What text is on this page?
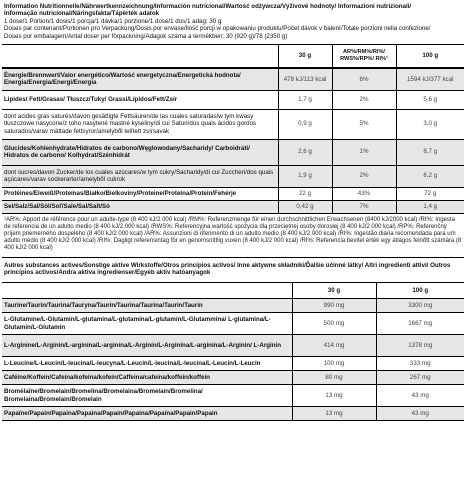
Information Nutritionnelle/Nährwertkennzeichnung/Información nutricional/Wartość odżywcza/Výživové hodnoty/ Informazioni nutrizionali/
Informação nutricional/Näringsfakta/Tápérték adatok
1 dose/1 Portion/1 dosis/1 porcja/1 dávka/1 porzione/1 dose/1 dos/1 adag: 30 g
Doses par contenant/Portionen pro Verpackung/Dosis por envase/Ilość porcji w opakowaniu produktu/Počet dávok v balení/Totale porzioni nella confezione/
Doses por embalagem/Antal doser per förpackning/Adagok száma a termékben: 30 (920 g)/78 (2350 g)
	30 g	AR%/RM%/RI%/ RWS%/RP%/ RI%¹	100 g
Énergie/Brennwert/Valor energético/Wartość energetyczna/Energetická hodnota/ Energia/Energia/Energi/Energia	478 kJ/113 kcal	6%	1594 kJ/377 kcal
Lipides/ Fett/Grasas/ Tłuszcz/Tuky/ Grassi/Lípidos/Fett/Zsír	1,7 g	2%	5,6 g
dont acides gras saturés/davon gesättigte Fettsäuren/de las cuales saturadas/w tym kwasy tłuszczowe nasycone/z toho nasýtené mastné kyseliny/di cui Saturi/dos quais ácidos gordos saturados/varav mättade fettsyror/amelyből telített zsírsavak	0,9 g	5%	3,0 g
Glucides/Kohlenhydrate/Hidratos de carbono/Węglowodany/Sacharidy/ Carboidrati/ Hidratos de carbono/ Kolhydrat/Szénhidrát	2,6 g	1%	8,7 g
dont sucres/davon Zucker/de los cuales azúcares/w tym cukry/Sacharidy/di cui Zuccheri/dos quais açúcares/varav sockerarter/amelyből cukrok	1,9 g	2%	6,2 g
Protéines/Eiweiß/Proteínas/Białko/Bielkoviny/Proteine/Proteína/Protein/Fehérje	22 g	43%	72 g
Sel/Salz/Sal/Sól/Soľ/Sale/Sal/Salt/Só	0,42 g	7%	1,4 g
¹AR%: Apport de référence pour un adulte-type (8 400 kJ/2 000 kcal) /RM%: Referenzmenge für einen durchschnittlichen Erwachsenen (8400 kJ/2000 kcal) /RI%: Ingesta de referencia de un adulto medio (8 400 kJ/2 000 kcal) /RWS%: Referencyjna wartość spożycia dla przeciętnej osoby dorosłej (8 400 kJ/2 000 kcal) /RP%: Referenčný príjem priemerného dospelého (8 400 kJ/2 000 kcal) /AR%: Assunzioni di riferimento di un adulto medio (8 400 kJ/2 000 kcal) /RI%: Ingestão diária recomendada para um adulto médio (8 400 kJ/2 000 kcal) /RI%: Dagligt referensintag för en genomsnittlig vuxen (8 400 kJ/2 000 kcal) /RI%: Referencia bevitel érték egy átlagos felnőtt számára (8 400 kJ/2 000 kcal)
Autres substances actives/Sonstige aktive Wirkstoffe/Otros principios activos/ Inne aktywne składniki/Ďalšie účinné látky/ Altri ingredienti attivi/ Outros princípios activos/Andra aktiva ingredienser/Egyéb aktív hatóanyagok
	30 g	100 g
Taurine/Taurin/Taurina/Tauryna/Taurín/Taurina/Taurina/Taurin/Taurin	990 mg	3300 mg
L-Glutamine/L-Glutamin/L-glutamina/L-glutamina/L-glutamín/L-Glutammina/ L-glutamina/L-Glutamin/L-Glutamin	500 mg	1667 mg
L-Arginine/L-Arginin/L-arginina/L-arginina/L-Arginín/L-Arginina/L-arginina/L-Arginin/ L-Arginin	414 mg	1378 mg
L-Leucine/L-Leucin/L-leucina/L-leucyna/L-Leucín/L-leucina/L-leucina/L-Leucin/L-Leucin	100 mg	333 mg
Caféine/Koffein/Cafeína/kofeina/kofeín/Caffeina/cafeína/koffein/koffein	80 mg	267 mg
Bromélaïne/Bromelain/Bromelina/Bromelaina/Bromelaín/Bromelina/ Bromelaína/Bromelain/Bromelain	13 mg	43 mg
Papaïne/Papain/Papaína/Papaina/Papaín/Papaina/Papaína/Papain/Papain	13 mg	43 mg
